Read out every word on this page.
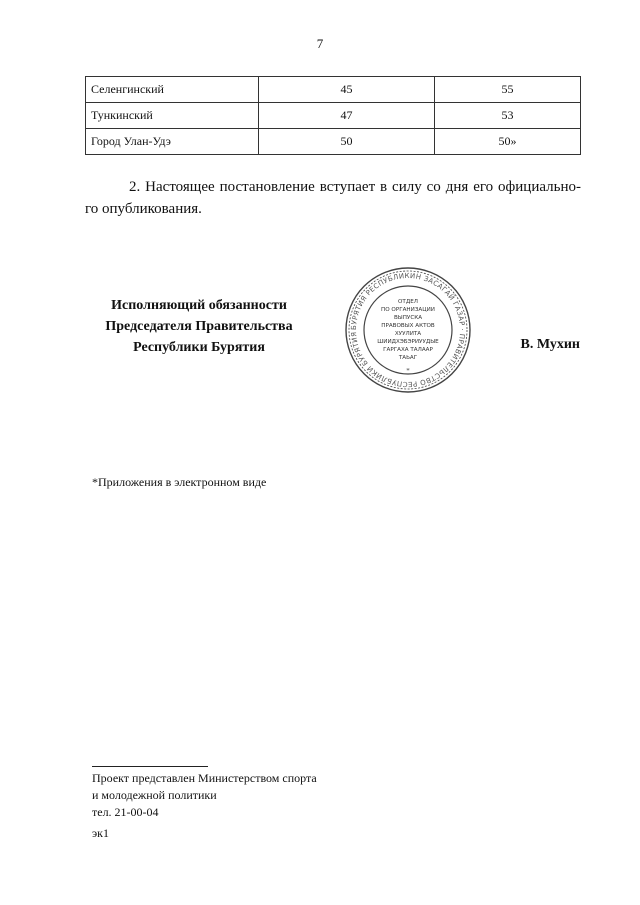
7
Селенгинский	45	55
Тункинский	47	53
Город Улан-Удэ	50	50»
2. Настоящее постановление вступает в силу со дня его официально-го опубликования.
Исполняющий обязанности
Председателя Правительства
Республики Бурятия
БУРЯТИЯ РЕСПУБЛИКИН ЗАСАГАЙ ГАЗАР · ПРАВИТЕЛЬСТВО РЕСПУБЛИКИ БУРЯТИЯ
ОТДЕЛ
ПО ОРГАНИЗАЦИИ
ВЫПУСКА
ПРАВОВЫХ АКТОВ
ХУУЛИТА
ШИИДХЭБЭРИУУДЫЕ
ГАРГАХА ТАЛААР
ТАЬАГ
*
В. Мухин
*Приложения в электронном виде
Проект представлен Министерством спорта
и молодежной политики
тел. 21-00-04
эк1
